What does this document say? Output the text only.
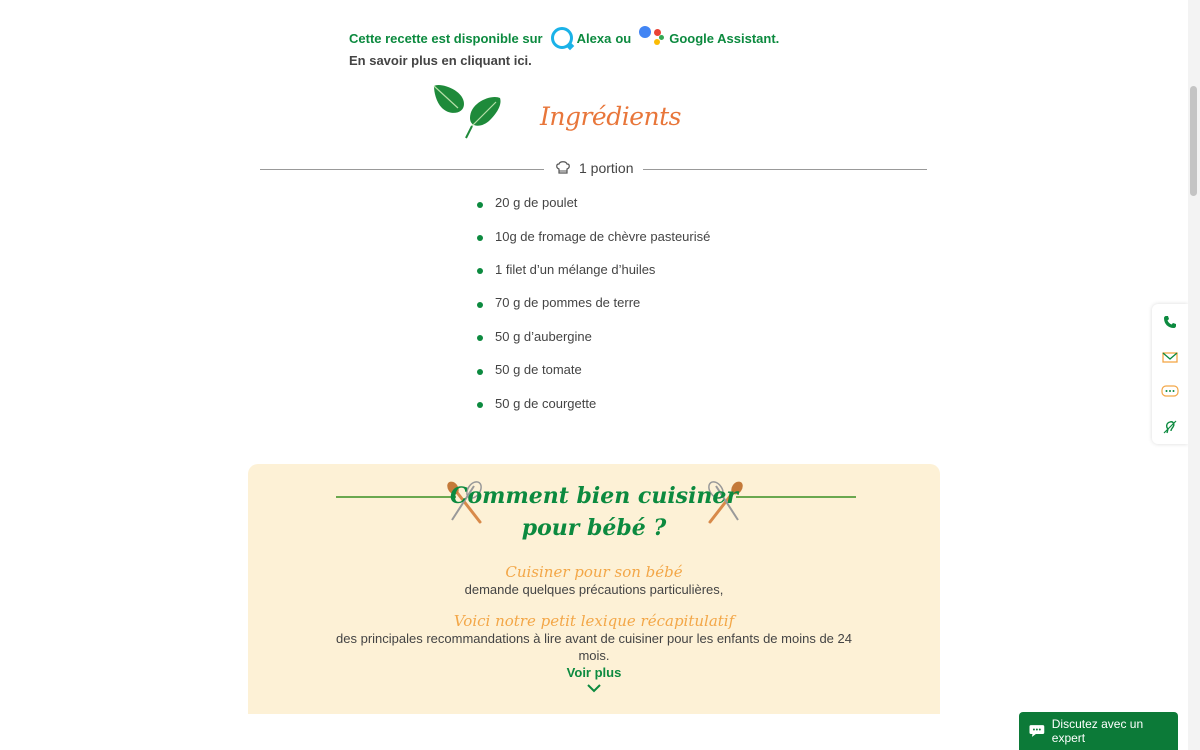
Cette recette est disponible sur	Alexa ou	Google Assistant.
En savoir plus en cliquant ici.
Ingrédients
1 portion
20 g de poulet
10g de fromage de chèvre pasteurisé
1 filet d’un mélange d’huiles
70 g de pommes de terre
50 g d’aubergine
50 g de tomate
50 g de courgette
Comment bien cuisiner
pour bébé ?
Cuisiner pour son bébé
demande quelques précautions particulières,
Voici notre petit lexique récapitulatif
des principales recommandations à lire avant de cuisiner pour les enfants de moins de 24 mois.
Voir plus
Discutez avec un expert
